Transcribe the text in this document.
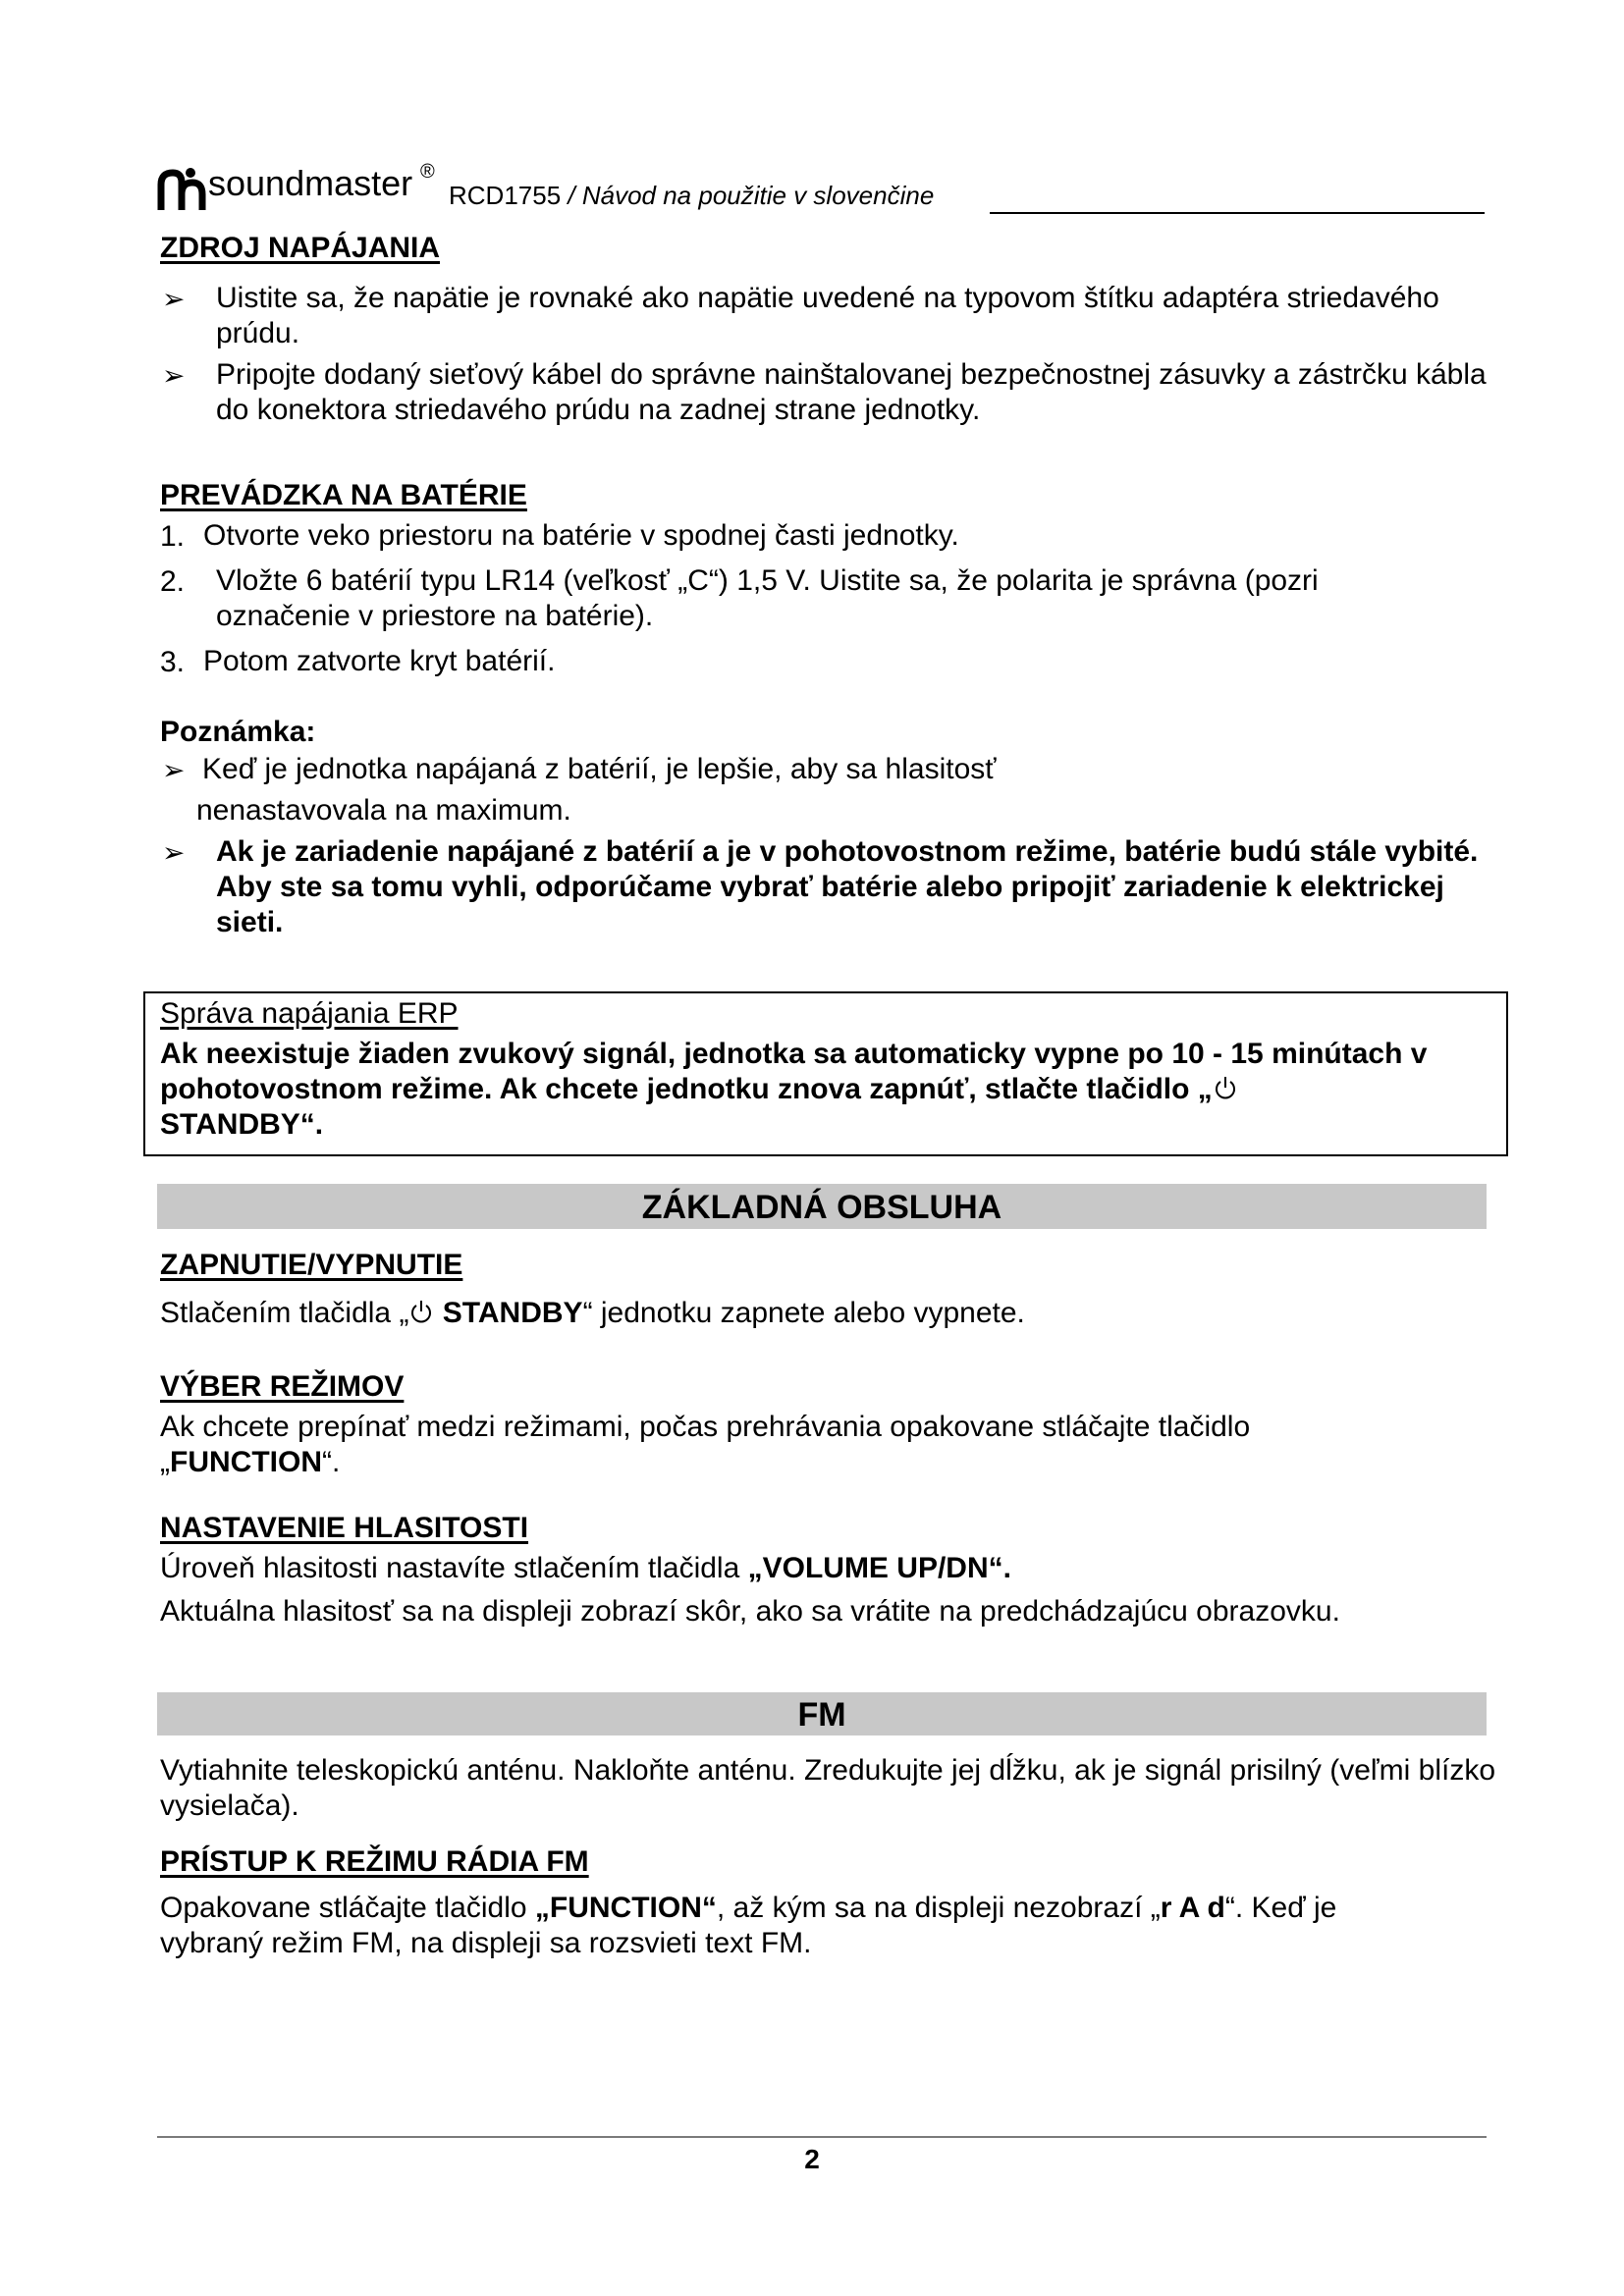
soundmaster ®
RCD1755 / Návod na použitie v slovenčine
ZDROJ NAPÁJANIA
➢ Uistite sa, že napätie je rovnaké ako napätie uvedené na typovom štítku adaptéra striedavého prúdu.
➢ Pripojte dodaný sieťový kábel do správne nainštalovanej bezpečnostnej zásuvky a zástrčku kábla do konektora striedavého prúdu na zadnej strane jednotky.
PREVÁDZKA NA BATÉRIE
1. Otvorte veko priestoru na batérie v spodnej časti jednotky.
2. Vložte 6 batérií typu LR14 (veľkosť „C“) 1,5 V. Uistite sa, že polarita je správna (pozri označenie v priestore na batérie).
3. Potom zatvorte kryt batérií.
Poznámka:
➢ Keď je jednotka napájaná z batérií, je lepšie, aby sa hlasitosť
nenastavovala na maximum.
➢ Ak je zariadenie napájané z batérií a je v pohotovostnom režime, batérie budú stále vybité. Aby ste sa tomu vyhli, odporúčame vybrať batérie alebo pripojiť zariadenie k elektrickej sieti.
Správa napájania ERP
Ak neexistuje žiaden zvukový signál, jednotka sa automaticky vypne po 10 - 15 minútach v pohotovostnom režime. Ak chcete jednotku znova zapnúť, stlačte tlačidlo „
STANDBY“.
ZÁKLADNÁ OBSLUHA
ZAPNUTIE/VYPNUTIE
Stlačením tlačidla „ STANDBY“ jednotku zapnete alebo vypnete.
VÝBER REŽIMOV
Ak chcete prepínať medzi režimami, počas prehrávania opakovane stláčajte tlačidlo
„FUNCTION“.
NASTAVENIE HLASITOSTI
Úroveň hlasitosti nastavíte stlačením tlačidla „VOLUME UP/DN“.
Aktuálna hlasitosť sa na displeji zobrazí skôr, ako sa vrátite na predchádzajúcu obrazovku.
FM
Vytiahnite teleskopickú anténu. Nakloňte anténu. Zredukujte jej dĺžku, ak je signál prisilný (veľmi blízko vysielača).
PRÍSTUP K REŽIMU RÁDIA FM
Opakovane stláčajte tlačidlo „FUNCTION“, až kým sa na displeji nezobrazí „r A d“. Keď je vybraný režim FM, na displeji sa rozsvieti text FM.
2
